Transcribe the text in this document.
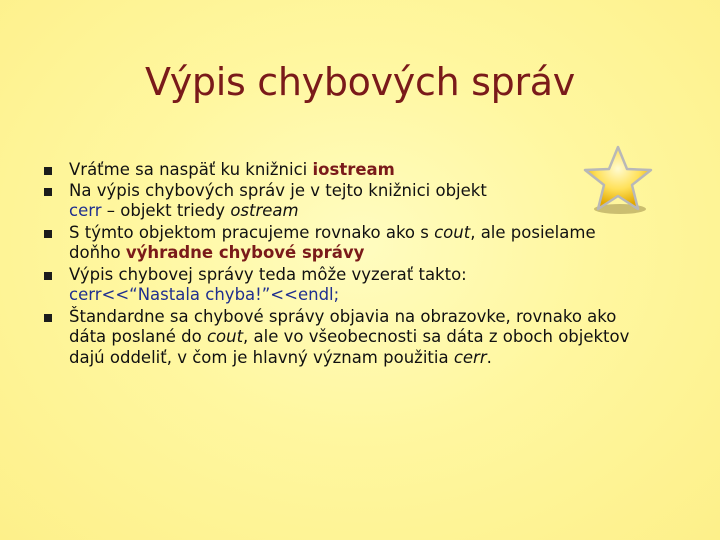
Výpis chybových správ
Vráťme sa naspäť ku knižnici iostream
Na výpis chybových správ je v tejto knižnici objekt
cerr – objekt triedy ostream
S týmto objektom pracujeme rovnako ako s cout, ale posielame
doňho výhradne chybové správy
Výpis chybovej správy teda môže vyzerať takto:
cerr<<“Nastala chyba!”<<endl;
Štandardne sa chybové správy objavia na obrazovke, rovnako ako
dáta poslané do cout, ale vo všeobecnosti sa dáta z oboch objektov
dajú oddeliť, v čom je hlavný význam použitia cerr.
